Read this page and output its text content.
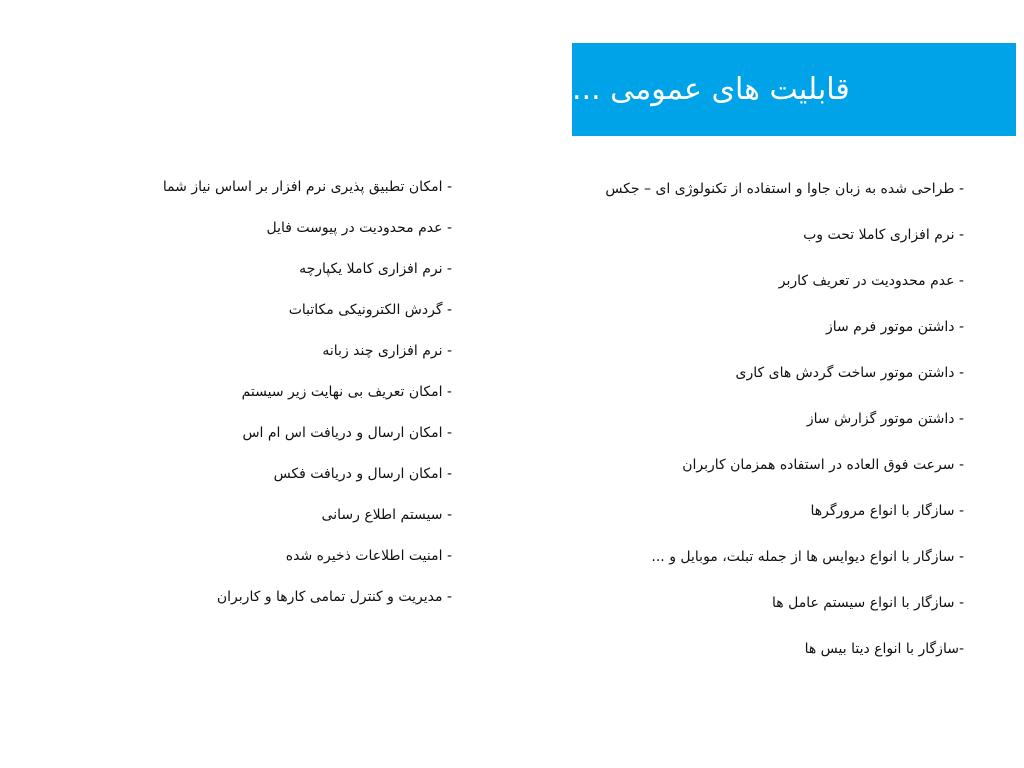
قابلیت های عمومی ...
- طراحی شده به زبان جاوا و استفاده از تکنولوژی ای – جکس
- نرم افزاری کاملا تحت وب
- عدم محدودیت در تعریف کاربر
- داشتن موتور فرم ساز
- داشتن موتور ساخت گردش های کاری
- داشتن موتور گزارش ساز
- سرعت فوق العاده در استفاده همزمان کاربران
- سازگار با انواع مرورگرها
- سازگار با انواع دیوایس ها از جمله تبلت، موبایل و ...
- سازگار با انواع سیستم عامل ها
-سازگار با انواع دیتا بیس ها
- امکان تطبیق پذیری نرم افزار بر اساس نیاز شما
- عدم محدودیت در پیوست فایل
- نرم افزاری کاملا یکپارچه
- گردش الکترونیکی مکاتبات
- نرم افزاری چند زبانه
- امکان تعریف بی نهایت زیر سیستم
- امکان ارسال و دریافت اس ام اس
- امکان ارسال و دریافت فکس
- سیستم اطلاع رسانی
- امنیت اطلاعات ذخیره شده
- مدیریت و کنترل تمامی کارها و کاربران
